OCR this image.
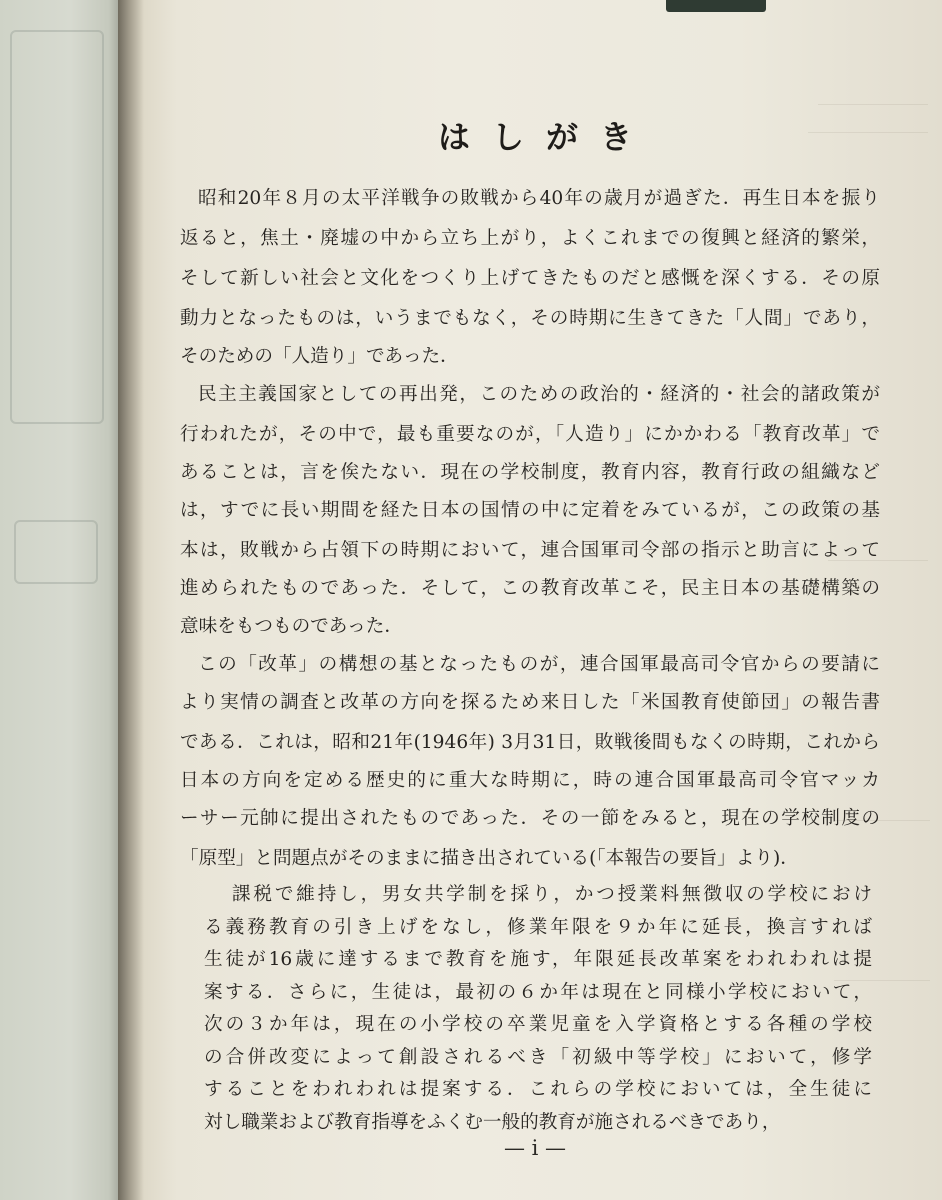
はしがき
昭和20年８月の太平洋戦争の敗戦から40年の歳月が過ぎた．再生日本を振り
返ると，焦土・廃墟の中から立ち上がり，よくこれまでの復興と経済的繁栄，
そして新しい社会と文化をつくり上げてきたものだと感慨を深くする．その原
動力となったものは，いうまでもなく，その時期に生きてきた「人間」であり，
そのための「人造り」であった．
民主主義国家としての再出発，このための政治的・経済的・社会的諸政策が
行われたが，その中で，最も重要なのが，「人造り」にかかわる「教育改革」で
あることは，言を俟たない．現在の学校制度，教育内容，教育行政の組織など
は，すでに長い期間を経た日本の国情の中に定着をみているが，この政策の基
本は，敗戦から占領下の時期において，連合国軍司令部の指示と助言によって
進められたものであった．そして，この教育改革こそ，民主日本の基礎構築の
意味をもつものであった．
この「改革」の構想の基となったものが，連合国軍最高司令官からの要請に
より実情の調査と改革の方向を探るため来日した「米国教育使節団」の報告書
である．これは，昭和21年(1946年) 3月31日，敗戦後間もなくの時期，これから
日本の方向を定める歴史的に重大な時期に，時の連合国軍最高司令官マッカ
ーサー元帥に提出されたものであった．その一節をみると，現在の学校制度の
「原型」と問題点がそのままに描き出されている(「本報告の要旨」より)．
課税で維持し，男女共学制を採り，かつ授業料無徴収の学校におけ
る義務教育の引き上げをなし，修業年限を９か年に延長，換言すれば
生徒が16歳に達するまで教育を施す，年限延長改革案をわれわれは提
案する．さらに，生徒は，最初の６か年は現在と同様小学校において，
次の３か年は，現在の小学校の卒業児童を入学資格とする各種の学校
の合併改変によって創設されるべき「初級中等学校」において，修学
することをわれわれは提案する．これらの学校においては，全生徒に
対し職業および教育指導をふくむ一般的教育が施されるべきであり，
— i —
